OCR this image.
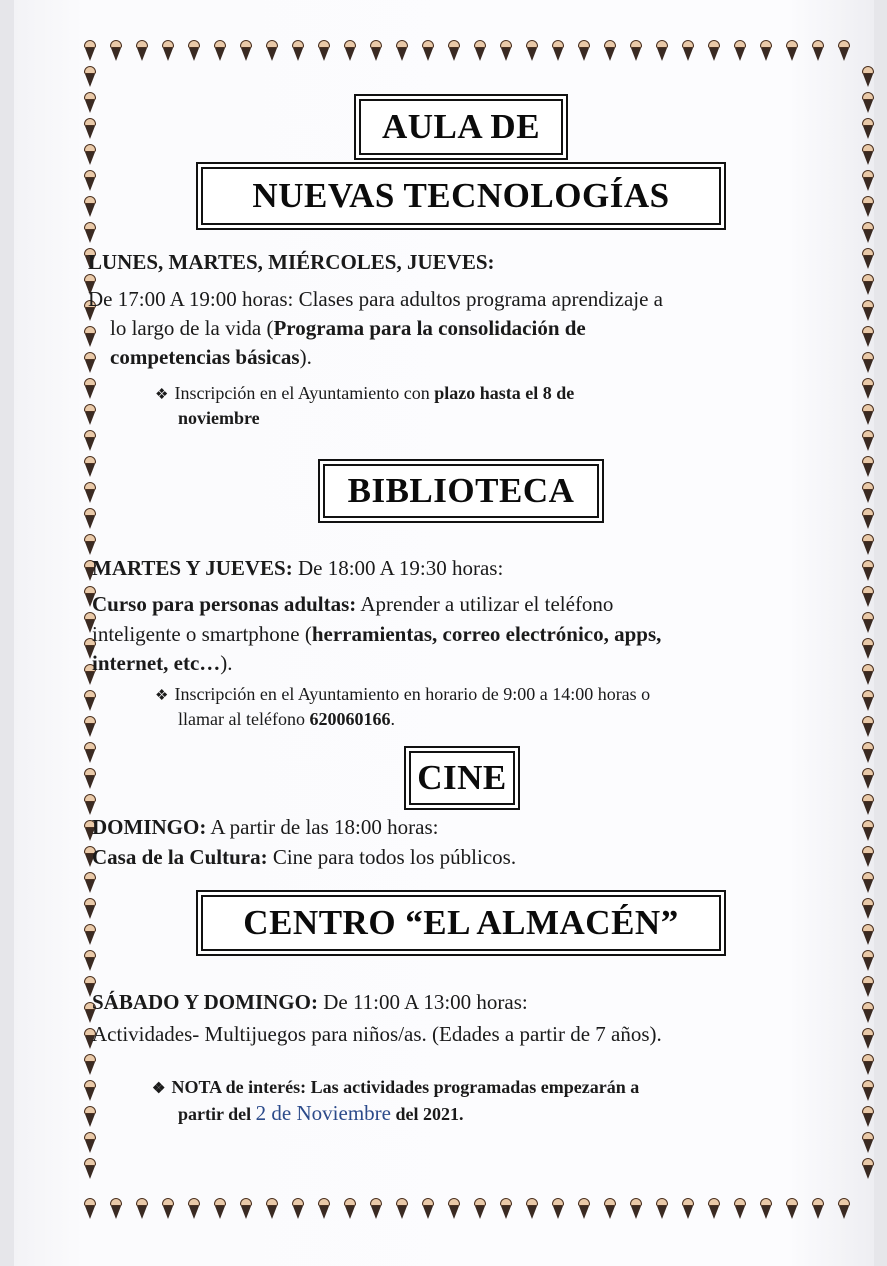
AULA DE
NUEVAS TECNOLOGÍAS
LUNES, MARTES, MIÉRCOLES, JUEVES:
De 17:00 A 19:00 horas: Clases para adultos programa aprendizaje a
lo largo de la vida (Programa para la consolidación de
competencias básicas).
❖ Inscripción en el Ayuntamiento con plazo hasta el 8 de
noviembre
BIBLIOTECA
MARTES Y JUEVES: De 18:00 A 19:30 horas:
Curso para personas adultas: Aprender a utilizar el teléfono
inteligente o smartphone (herramientas, correo electrónico, apps,
internet, etc…).
❖ Inscripción en el Ayuntamiento en horario de 9:00 a 14:00 horas o
llamar al teléfono 620060166.
CINE
DOMINGO: A partir de las 18:00 horas:
Casa de la Cultura: Cine para todos los públicos.
CENTRO “EL ALMACÉN”
SÁBADO Y DOMINGO: De 11:00 A 13:00 horas:
Actividades- Multijuegos para niños/as. (Edades a partir de 7 años).
❖ NOTA de interés: Las actividades programadas empezarán a
partir del 2 de Noviembre del 2021.
